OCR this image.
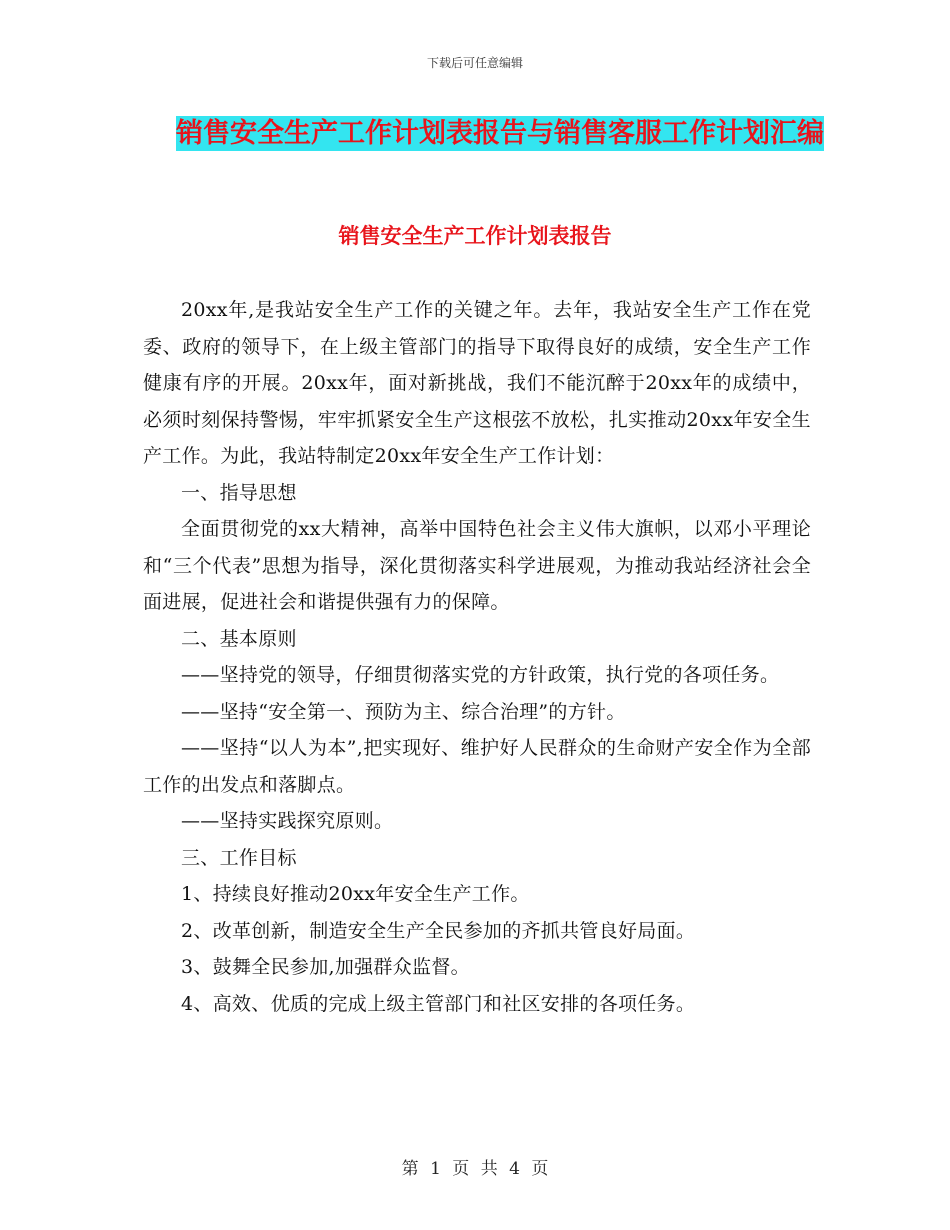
下载后可任意编辑
销售安全生产工作计划表报告与销售客服工作计划汇编
销售安全生产工作计划表报告

20xx年,是我站安全生产工作的关键之年。去年，我站安全生产工作在党委、政府的领导下，在上级主管部门的指导下取得良好的成绩，安全生产工作健康有序的开展。20xx年，面对新挑战，我们不能沉醉于20xx年的成绩中，必须时刻保持警惕，牢牢抓紧安全生产这根弦不放松，扎实推动20xx年安全生产工作。为此，我站特制定20xx年安全生产工作计划：

一、指导思想

全面贯彻党的xx大精神，高举中国特色社会主义伟大旗帜，以邓小平理论和“三个代表”思想为指导，深化贯彻落实科学进展观，为推动我站经济社会全面进展，促进社会和谐提供强有力的保障。

二、基本原则

——坚持党的领导，仔细贯彻落实党的方针政策，执行党的各项任务。

——坚持“安全第一、预防为主、综合治理”的方针。

——坚持“以人为本”,把实现好、维护好人民群众的生命财产安全作为全部工作的出发点和落脚点。

——坚持实践探究原则。

三、工作目标

1、持续良好推动20xx年安全生产工作。

2、改革创新，制造安全生产全民参加的齐抓共管良好局面。

3、鼓舞全民参加,加强群众监督。

4、高效、优质的完成上级主管部门和社区安排的各项任务。

第 1 页 共 4 页
